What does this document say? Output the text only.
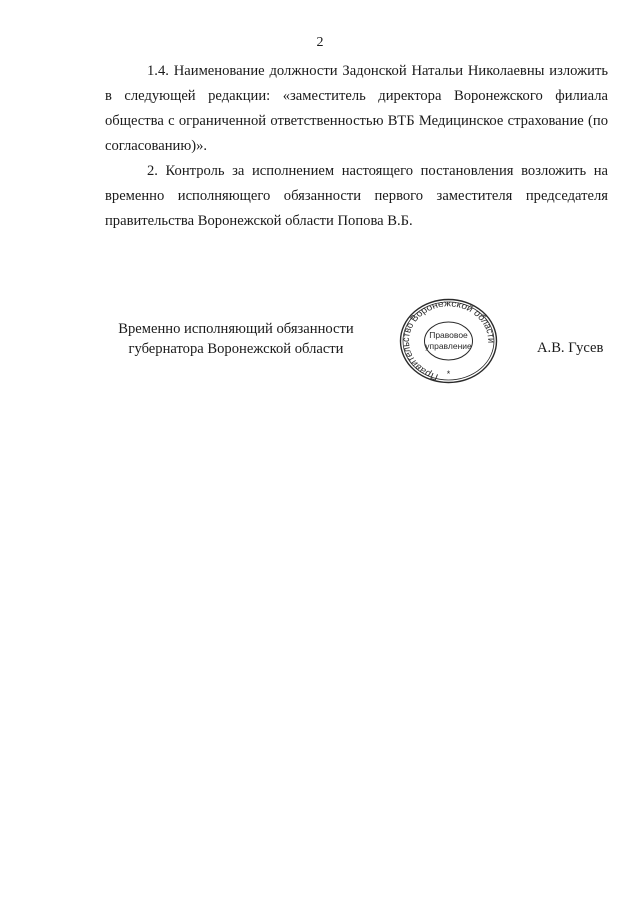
2

1.4. Наименование должности Задонской Натальи Николаевны изложить в следующей редакции: «заместитель директора Воронежского филиала общества с ограниченной ответственностью ВТБ Медицинское страхование (по согласованию)».

2. Контроль за исполнением настоящего постановления возложить на временно исполняющего обязанности первого заместителя председателя правительства Воронежской области Попова В.Б.

Временно исполняющий обязанности
губернатора Воронежской области
Правительство Воронежской области
Правовое
управление
*
А.В. Гусев
